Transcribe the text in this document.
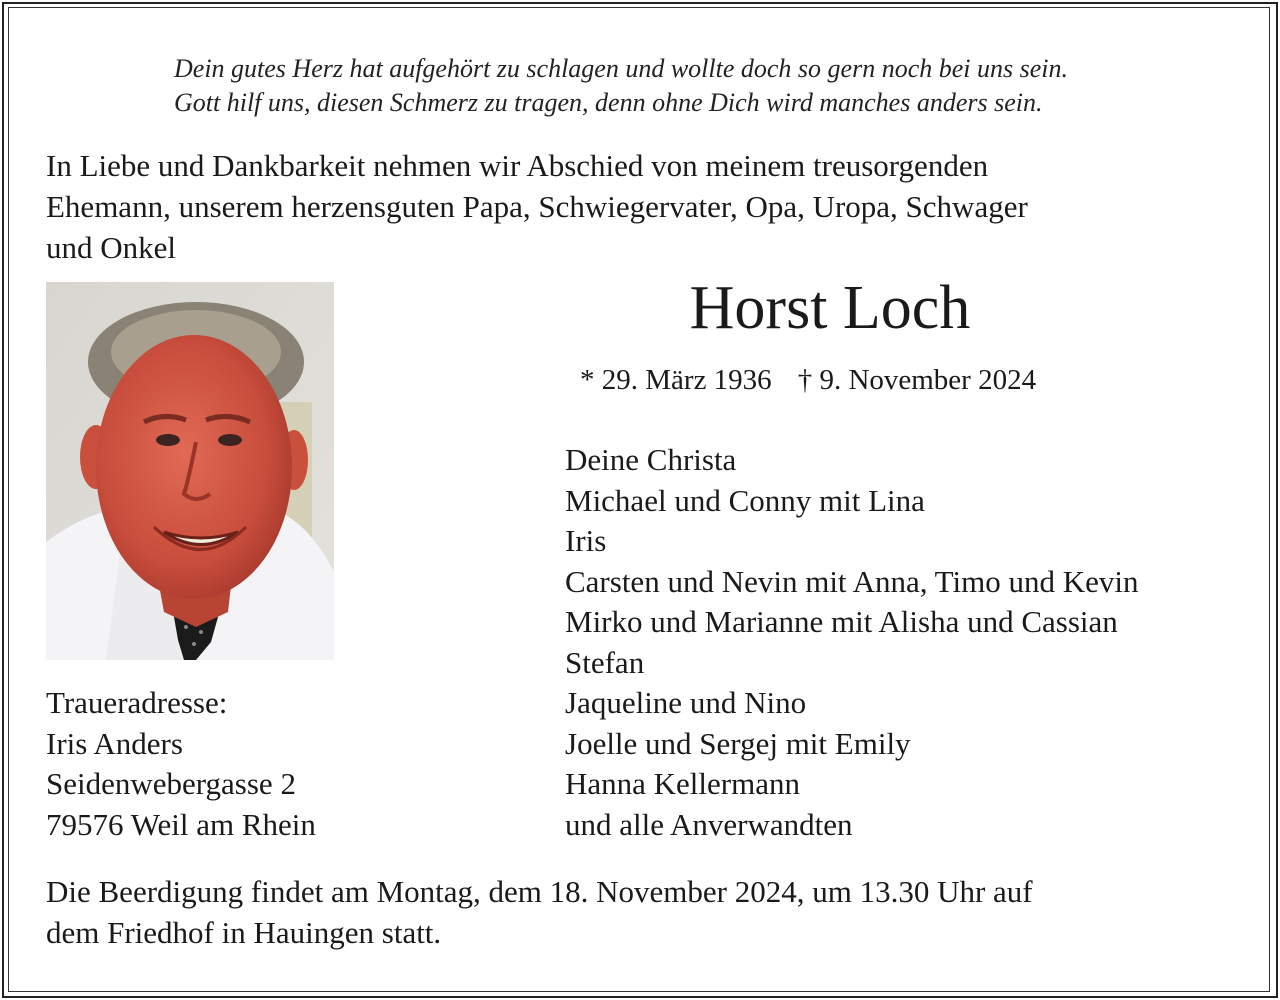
Dein gutes Herz hat aufgehört zu schlagen und wollte doch so gern noch bei uns sein.
Gott hilf uns, diesen Schmerz zu tragen, denn ohne Dich wird manches anders sein.
In Liebe und Dankbarkeit nehmen wir Abschied von meinem treusorgenden
Ehemann, unserem herzensguten Papa, Schwiegervater, Opa, Uropa, Schwager
und Onkel
Horst Loch
* 29. März 1936 † 9. November 2024
Deine Christa
Michael und Conny mit Lina
Iris
Carsten und Nevin mit Anna, Timo und Kevin
Mirko und Marianne mit Alisha und Cassian
Stefan
Jaqueline und Nino
Joelle und Sergej mit Emily
Hanna Kellermann
und alle Anverwandten
Traueradresse:
Iris Anders
Seidenwebergasse 2
79576 Weil am Rhein
Die Beerdigung findet am Montag, dem 18. November 2024, um 13.30 Uhr auf
dem Friedhof in Hauingen statt.
